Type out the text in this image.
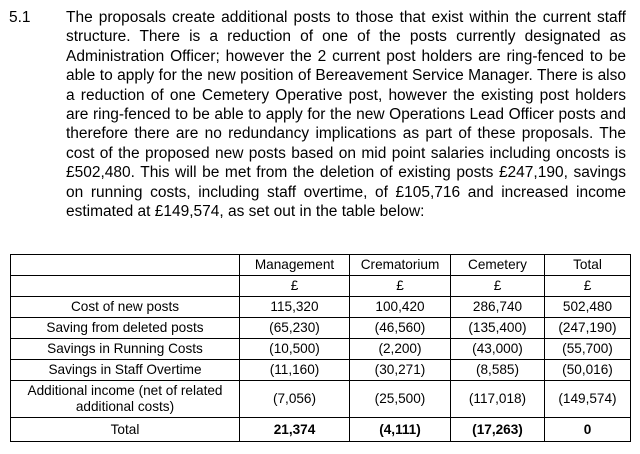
5.1 The proposals create additional posts to those that exist within the current staff structure. There is a reduction of one of the posts currently designated as Administration Officer; however the 2 current post holders are ring-fenced to be able to apply for the new position of Bereavement Service Manager. There is also a reduction of one Cemetery Operative post, however the existing post holders are ring-fenced to be able to apply for the new Operations Lead Officer posts and therefore there are no redundancy implications as part of these proposals. The cost of the proposed new posts based on mid point salaries including oncosts is £502,480. This will be met from the deletion of existing posts £247,190, savings on running costs, including staff overtime, of £105,716 and increased income estimated at £149,574, as set out in the table below:
	Management	Crematorium	Cemetery	Total
	£	£	£	£
Cost of new posts	115,320	100,420	286,740	502,480
Saving from deleted posts	(65,230)	(46,560)	(135,400)	(247,190)
Savings in Running Costs	(10,500)	(2,200)	(43,000)	(55,700)
Savings in Staff Overtime	(11,160)	(30,271)	(8,585)	(50,016)
Additional income (net of related additional costs)	(7,056)	(25,500)	(117,018)	(149,574)
Total	21,374	(4,111)	(17,263)	0
